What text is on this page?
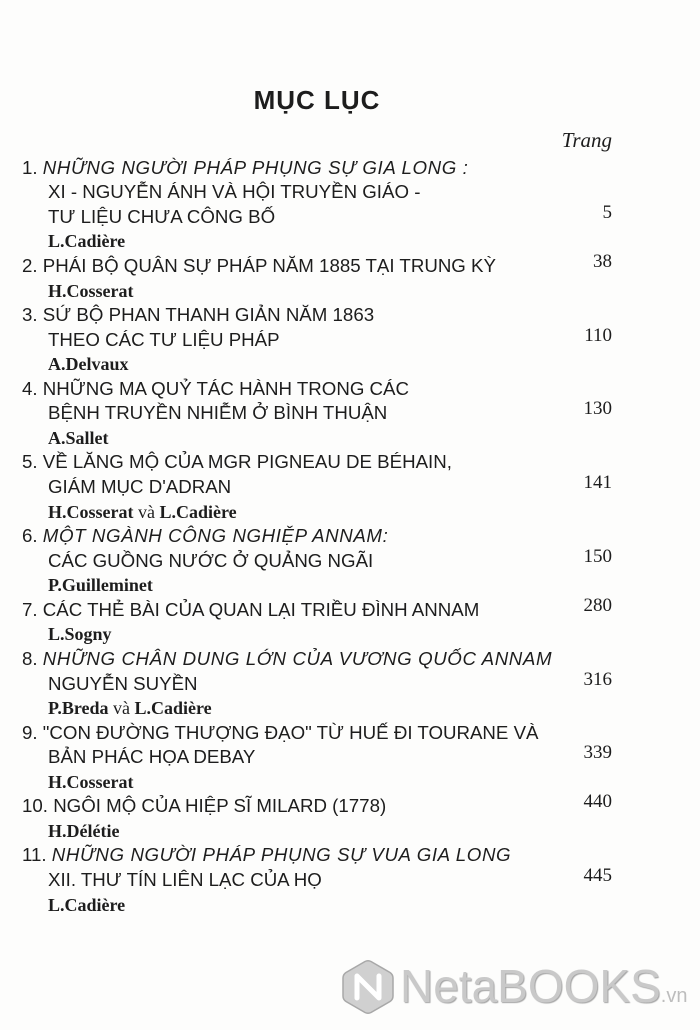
MỤC LỤC
Trang
1. NHỮNG NGƯỜI PHÁP PHỤNG SỰ GIA LONG :
XI - NGUYỄN ÁNH VÀ HỘI TRUYỀN GIÁO -
TƯ LIỆU CHƯA CÔNG BỐ	5
L.Cadière
2. PHÁI BỘ QUÂN SỰ PHÁP NĂM 1885 TẠI TRUNG KỲ	38
H.Cosserat
3. SỨ BỘ PHAN THANH GIẢN NĂM 1863
THEO CÁC TƯ LIỆU PHÁP	110
A.Delvaux
4. NHỮNG MA QUỶ TÁC HÀNH TRONG CÁC
BỆNH TRUYỀN NHIỄM Ở BÌNH THUẬN	130
A.Sallet
5. VỀ LĂNG MỘ CỦA MGR PIGNEAU DE BÉHAIN,
GIÁM MỤC D'ADRAN	141
H.Cosserat và L.Cadière
6. MỘT NGÀNH CÔNG NGHIỆP ANNAM:
CÁC GUỒNG NƯỚC Ở QUẢNG NGÃI	150
P.Guilleminet
7. CÁC THẺ BÀI CỦA QUAN LẠI TRIỀU ĐÌNH ANNAM	280
L.Sogny
8. NHỮNG CHÂN DUNG LỚN CỦA VƯƠNG QUỐC ANNAM
NGUYỄN SUYỀN	316
P.Breda và L.Cadière
9. "CON ĐƯỜNG THƯỢNG ĐẠO" TỪ HUẾ ĐI TOURANE VÀ
BẢN PHÁC HỌA DEBAY	339
H.Cosserat
10. NGÔI MỘ CỦA HIỆP SĨ MILARD (1778)	440
H.Délétie
11. NHỮNG NGƯỜI PHÁP PHỤNG SỰ VUA GIA LONG
XII. THƯ TÍN LIÊN LẠC CỦA HỌ	445
L.Cadière
NetaBOOKS.vn
